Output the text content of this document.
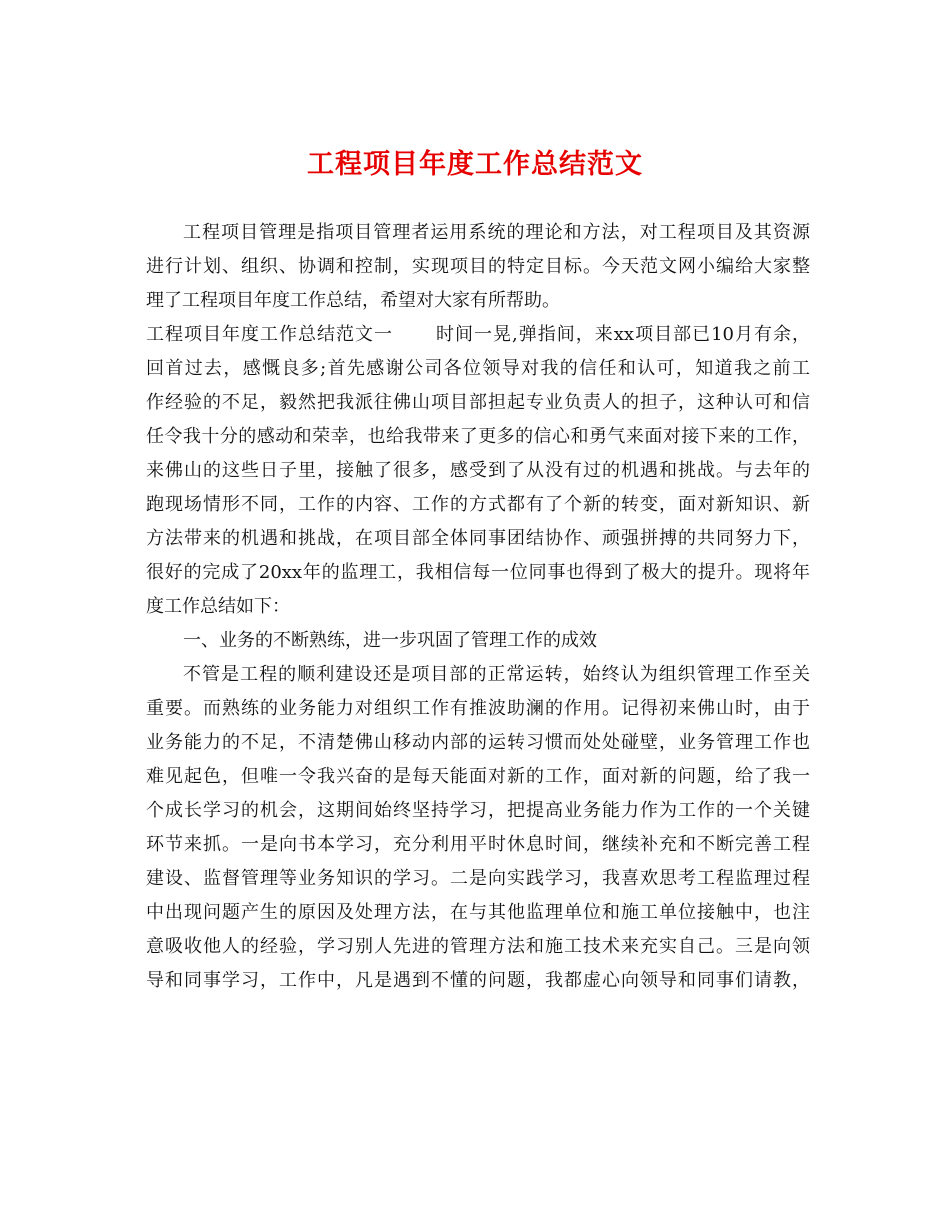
工程项目年度工作总结范文
工程项目管理是指项目管理者运用系统的理论和方法，对工程项目及其资源
进行计划、组织、协调和控制，实现项目的特定目标。今天范文网小编给大家整
理了工程项目年度工作总结，希望对大家有所帮助。
工程项目年度工作总结范文一 时间一晃,弹指间，来xx项目部已10月有余，
回首过去，感慨良多;首先感谢公司各位领导对我的信任和认可，知道我之前工
作经验的不足，毅然把我派往佛山项目部担起专业负责人的担子，这种认可和信
任令我十分的感动和荣幸，也给我带来了更多的信心和勇气来面对接下来的工作，
来佛山的这些日子里，接触了很多，感受到了从没有过的机遇和挑战。与去年的
跑现场情形不同，工作的内容、工作的方式都有了个新的转变，面对新知识、新
方法带来的机遇和挑战，在项目部全体同事团结协作、顽强拼搏的共同努力下，
很好的完成了20xx年的监理工，我相信每一位同事也得到了极大的提升。现将年
度工作总结如下：
一、业务的不断熟练，进一步巩固了管理工作的成效
不管是工程的顺利建设还是项目部的正常运转，始终认为组织管理工作至关
重要。而熟练的业务能力对组织工作有推波助澜的作用。记得初来佛山时，由于
业务能力的不足，不清楚佛山移动内部的运转习惯而处处碰壁，业务管理工作也
难见起色，但唯一令我兴奋的是每天能面对新的工作，面对新的问题，给了我一
个成长学习的机会，这期间始终坚持学习，把提高业务能力作为工作的一个关键
环节来抓。一是向书本学习，充分利用平时休息时间，继续补充和不断完善工程
建设、监督管理等业务知识的学习。二是向实践学习，我喜欢思考工程监理过程
中出现问题产生的原因及处理方法，在与其他监理单位和施工单位接触中，也注
意吸收他人的经验，学习别人先进的管理方法和施工技术来充实自己。三是向领
导和同事学习，工作中，凡是遇到不懂的问题，我都虚心向领导和同事们请教，
